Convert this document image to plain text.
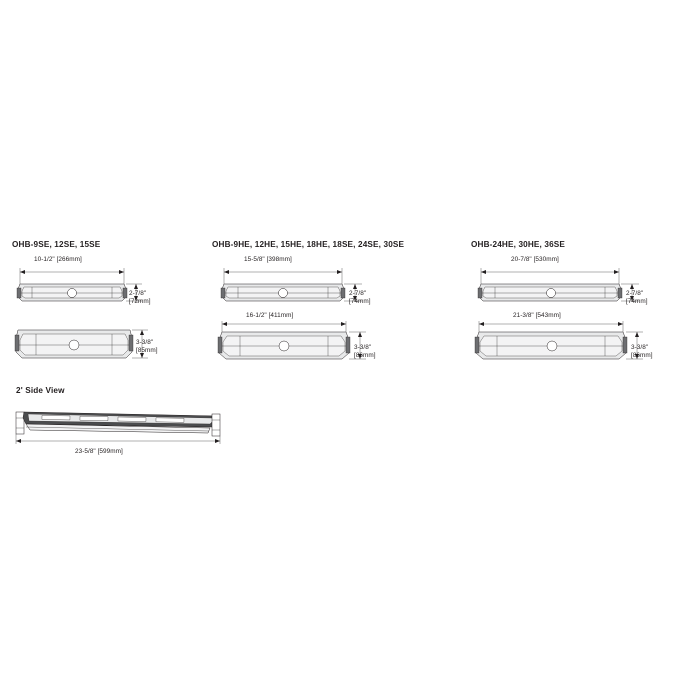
OHB-9SE, 12SE, 15SE
10-1/2" [266mm]
2-7/8"
[72mm]
3-3/8"
[85mm]
OHB-9HE, 12HE, 15HE, 18HE, 18SE, 24SE, 30SE
15-5/8" [398mm]
2-7/8"
[74mm]
16-1/2" [411mm]
3-3/8"
[86mm]
OHB-24HE, 30HE, 36SE
20-7/8" [530mm]
2-7/8"
[74mm]
21-3/8" [543mm]
3-3/8"
[86mm]
2' Side View
23-5/8" [599mm]
